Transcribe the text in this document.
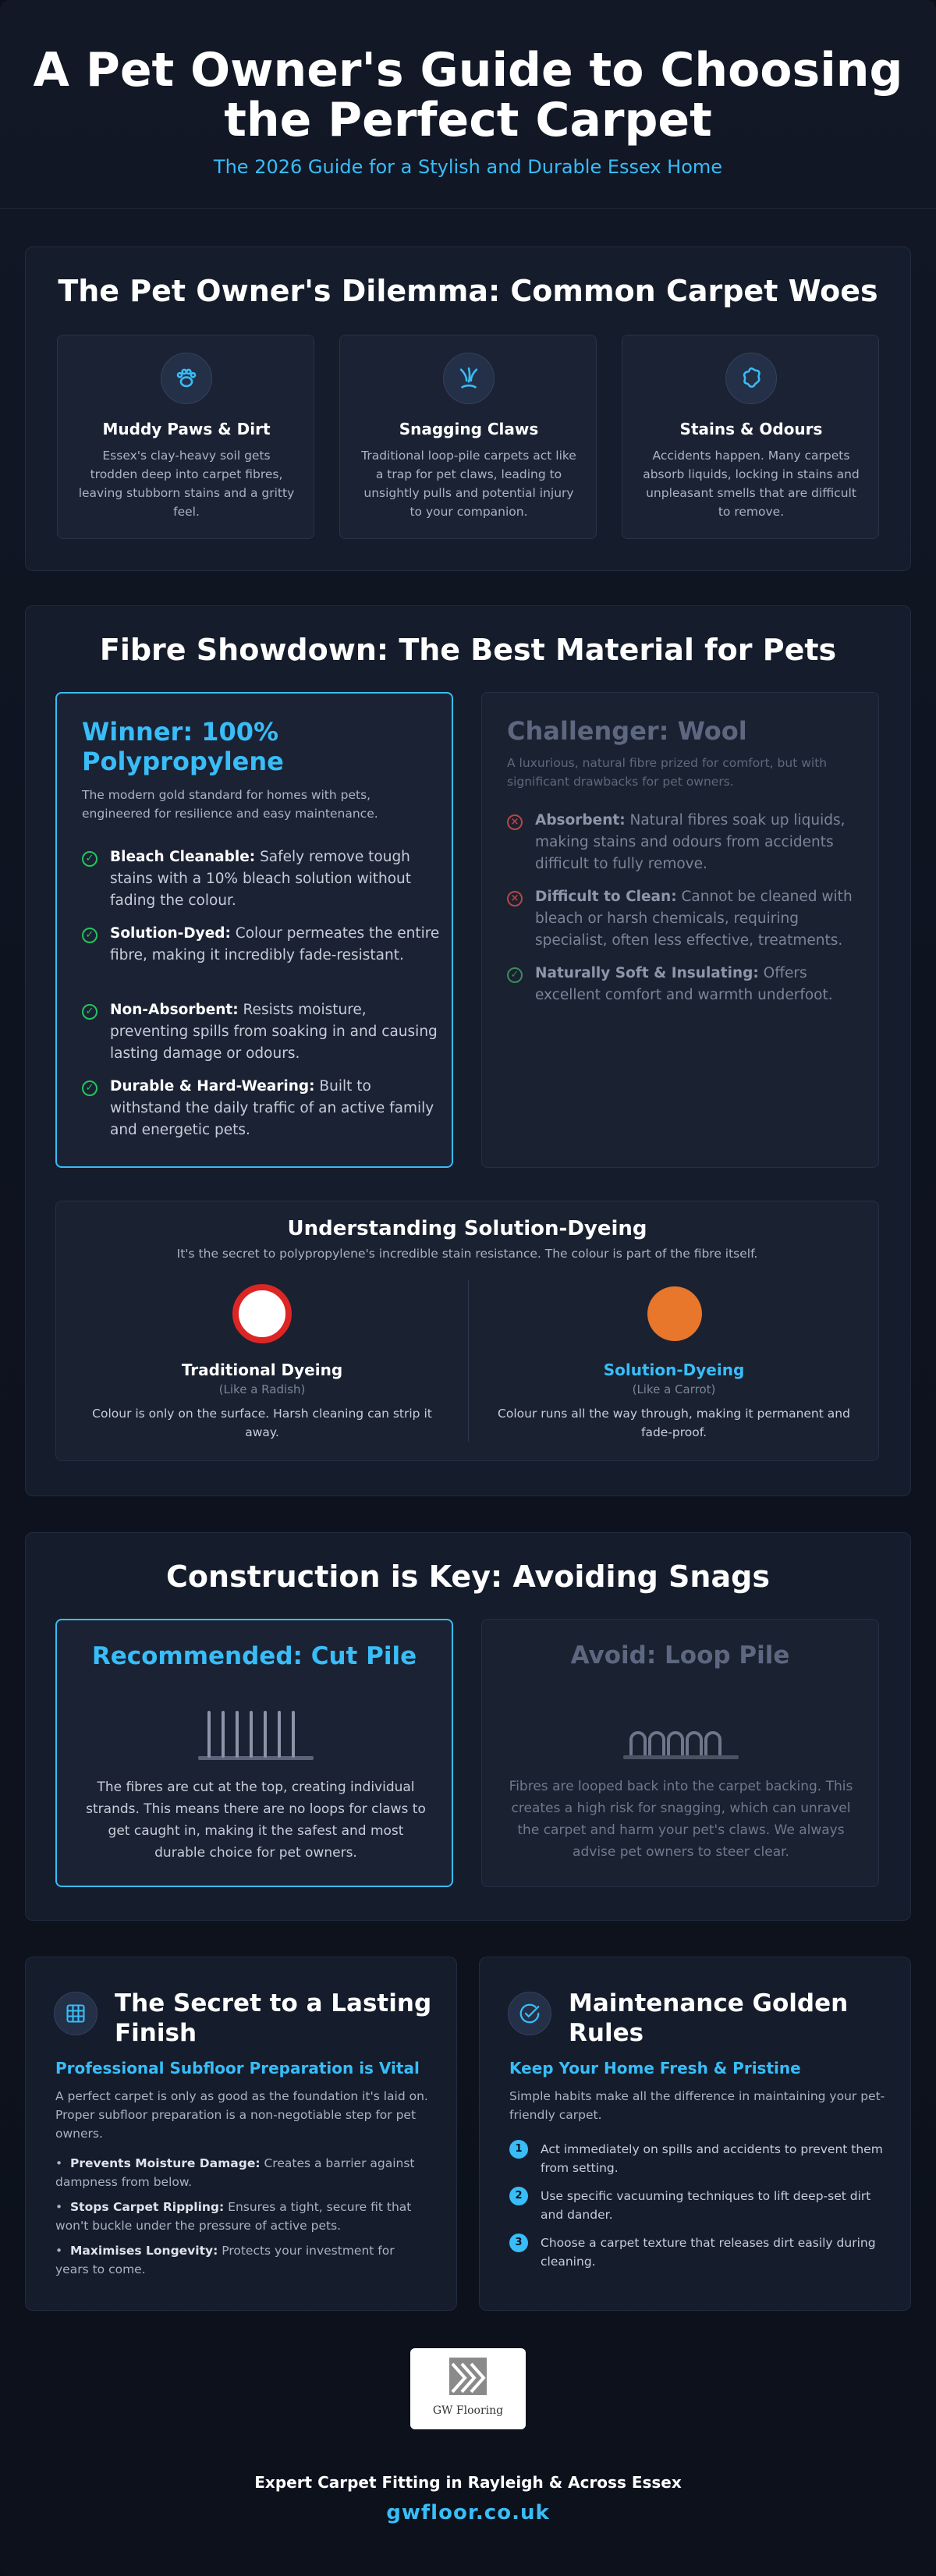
A Pet Owner's Guide to Choosing the Perfect Carpet
The 2026 Guide for a Stylish and Durable Essex Home
The Pet Owner's Dilemma: Common Carpet Woes
Muddy Paws & Dirt
Essex's clay-heavy soil gets trodden deep into carpet fibres, leaving stubborn stains and a gritty feel.
Snagging Claws
Traditional loop-pile carpets act like a trap for pet claws, leading to unsightly pulls and potential injury to your companion.
Stains & Odours
Accidents happen. Many carpets absorb liquids, locking in stains and unpleasant smells that are difficult to remove.
Fibre Showdown: The Best Material for Pets
Winner: 100% Polypropylene
The modern gold standard for homes with pets, engineered for resilience and easy maintenance.
✓ Bleach Cleanable: Safely remove tough stains with a 10% bleach solution without fading the colour.
✓ Solution-Dyed: Colour permeates the entire fibre, making it incredibly fade-resistant.
✓ Non-Absorbent: Resists moisture, preventing spills from soaking in and causing lasting damage or odours.
✓ Durable & Hard-Wearing: Built to withstand the daily traffic of an active family and energetic pets.
Challenger: Wool
A luxurious, natural fibre prized for comfort, but with significant drawbacks for pet owners.
× Absorbent: Natural fibres soak up liquids, making stains and odours from accidents difficult to fully remove.
× Difficult to Clean: Cannot be cleaned with bleach or harsh chemicals, requiring specialist, often less effective, treatments.
✓ Naturally Soft & Insulating: Offers excellent comfort and warmth underfoot.
Understanding Solution-Dyeing
It's the secret to polypropylene's incredible stain resistance. The colour is part of the fibre itself.
Traditional Dyeing
(Like a Radish)
Colour is only on the surface. Harsh cleaning can strip it away.
Solution-Dyeing
(Like a Carrot)
Colour runs all the way through, making it permanent and fade-proof.
Construction is Key: Avoiding Snags
Recommended: Cut Pile
The fibres are cut at the top, creating individual strands. This means there are no loops for claws to get caught in, making it the safest and most durable choice for pet owners.
Avoid: Loop Pile
Fibres are looped back into the carpet backing. This creates a high risk for snagging, which can unravel the carpet and harm your pet's claws. We always advise pet owners to steer clear.
The Secret to a Lasting Finish
Professional Subfloor Preparation is Vital
A perfect carpet is only as good as the foundation it's laid on. Proper subfloor preparation is a non-negotiable step for pet owners.
•  Prevents Moisture Damage: Creates a barrier against dampness from below.
•  Stops Carpet Rippling: Ensures a tight, secure fit that won't buckle under the pressure of active pets.
•  Maximises Longevity: Protects your investment for years to come.
Maintenance Golden Rules
Keep Your Home Fresh & Pristine
Simple habits make all the difference in maintaining your pet-friendly carpet.
1	Act immediately on spills and accidents to prevent them from setting.
2	Use specific vacuuming techniques to lift deep-set dirt and dander.
3	Choose a carpet texture that releases dirt easily during cleaning.
GW Flooring
Expert Carpet Fitting in Rayleigh & Across Essex
gwfloor.co.uk
